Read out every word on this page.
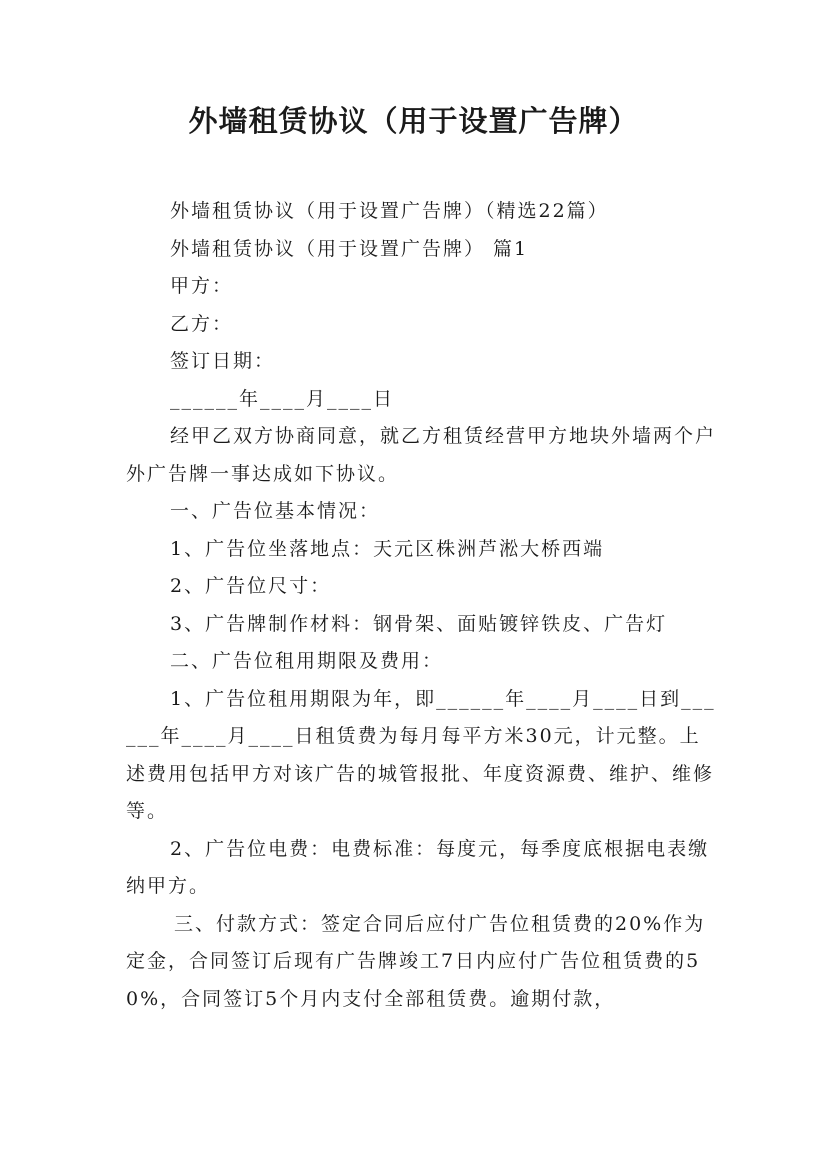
外墙租赁协议（用于设置广告牌）

外墙租赁协议（用于设置广告牌）（精选22篇）

外墙租赁协议（用于设置广告牌） 篇1

甲方：

乙方：

签订日期：

______年____月____日

经甲乙双方协商同意，就乙方租赁经营甲方地块外墙两个户外广告牌一事达成如下协议。

一、广告位基本情况：

1、广告位坐落地点：天元区株洲芦淞大桥西端

2、广告位尺寸：

3、广告牌制作材料：钢骨架、面贴镀锌铁皮、广告灯

二、广告位租用期限及费用：

1、广告位租用期限为年，即______年____月____日到______年____月____日租赁费为每月每平方米30元，计元整。上述费用包括甲方对该广告的城管报批、年度资源费、维护、维修等。

2、广告位电费：电费标准：每度元，每季度底根据电表缴纳甲方。

三、付款方式：签定合同后应付广告位租赁费的20%作为定金，合同签订后现有广告牌竣工7日内应付广告位租赁费的50%，合同签订5个月内支付全部租赁费。逾期付款，
